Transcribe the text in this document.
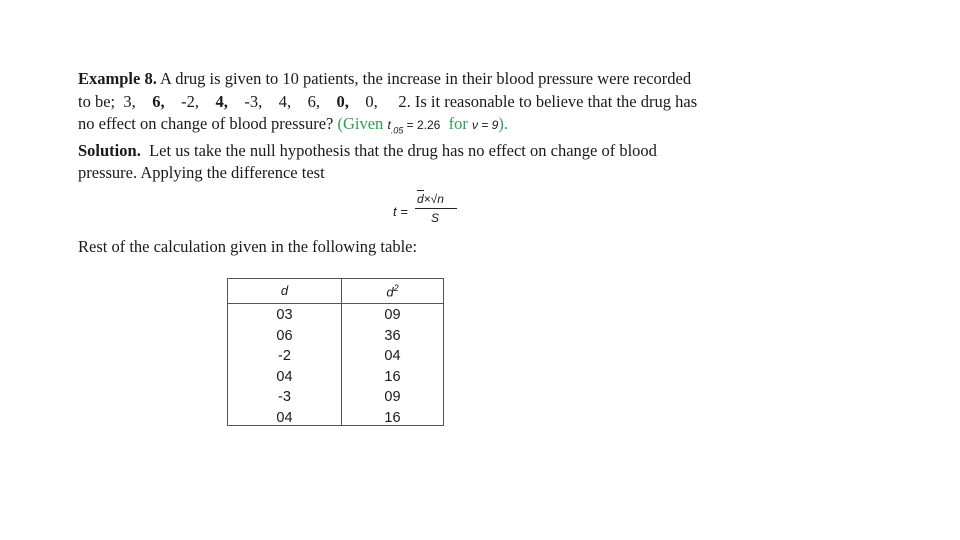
Example 8. A drug is given to 10 patients, the increase in their blood pressure were recorded
to be;  3,    6,    -2,    4,    -3,    4,    6,    0,    0,     2. Is it reasonable to believe that the drug has
no effect on change of blood pressure? (Given $t_{.05} = 2.26$  for ν = 9).
Solution.  Let us take the null hypothesis that the drug has no effect on change of blood
pressure. Applying the difference test
t =
d×√n
S
Rest of the calculation given in the following table:
d	$d^2$
03
06
-2
04
-3
04
09
36
04
16
09
16
